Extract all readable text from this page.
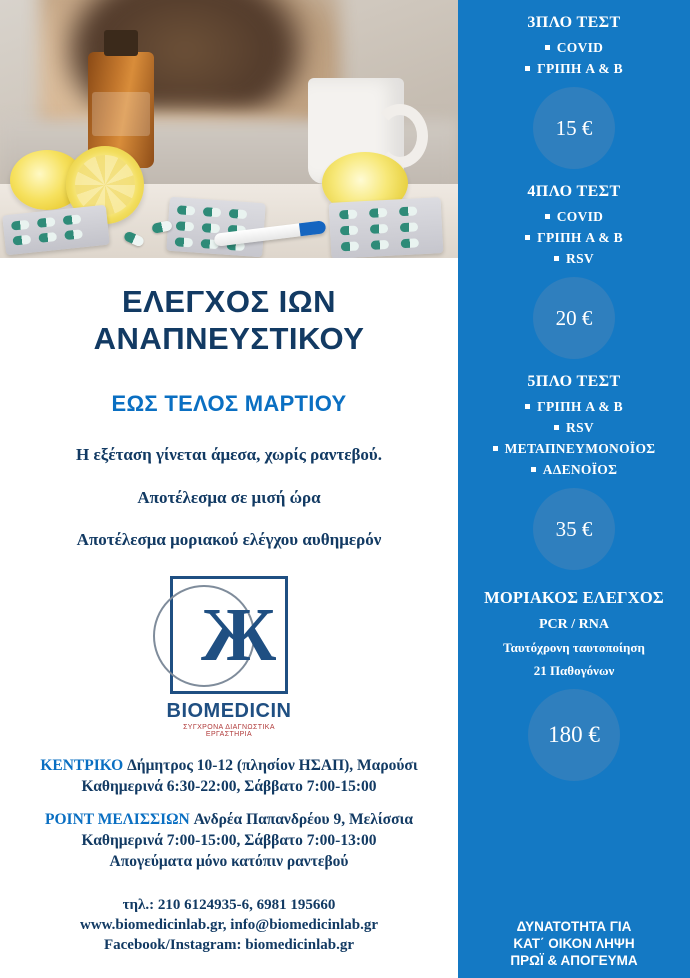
ΕΛΕΓΧΟΣ ΙΩΝ
ΑΝΑΠΝΕΥΣΤΙΚΟΥ
ΕΩΣ ΤΕΛΟΣ ΜΑΡΤΙΟΥ
Η εξέταση γίνεται άμεσα, χωρίς ραντεβού.
Αποτέλεσμα σε μισή ώρα
Αποτέλεσμα μοριακού ελέγχου αυθημερόν
Ж
BIOMEDICIN
ΣΥΓΧΡΟΝΑ ΔΙΑΓΝΩΣΤΙΚΑ ΕΡΓΑΣΤΗΡΙΑ
ΚΕΝΤΡΙΚΟ Δήμητρος 10-12 (πλησίον ΗΣΑΠ), Μαρούσι
Καθημερινά 6:30-22:00, Σάββατο 7:00-15:00
POINT ΜΕΛΙΣΣΙΩΝ Ανδρέα Παπανδρέου 9, Μελίσσια
Καθημερινά 7:00-15:00, Σάββατο 7:00-13:00
Απογεύματα μόνο κατόπιν ραντεβού
τηλ.: 210 6124935-6, 6981 195660
www.biomedicinlab.gr, info@biomedicinlab.gr
Facebook/Instagram: biomedicinlab.gr
3ΠΛΟ ΤΕΣΤ
COVID
ΓΡΙΠΗ A & B
15 €
4ΠΛΟ ΤΕΣΤ
COVID
ΓΡΙΠΗ A & B
RSV
20 €
5ΠΛΟ ΤΕΣΤ
ΓΡΙΠΗ A & B
RSV
ΜΕΤΑΠΝΕΥΜΟΝΟΪΟΣ
ΑΔΕΝΟΪΟΣ
35 €
ΜΟΡΙΑΚΟΣ ΕΛΕΓΧΟΣ
PCR / RNA
Ταυτόχρονη ταυτοποίηση
21 Παθογόνων
180 €
ΔΥΝΑΤΟΤΗΤΑ ΓΙΑ
ΚΑΤ΄ ΟΙΚΟΝ ΛΗΨΗ
ΠΡΩΪ & ΑΠΟΓΕΥΜΑ
